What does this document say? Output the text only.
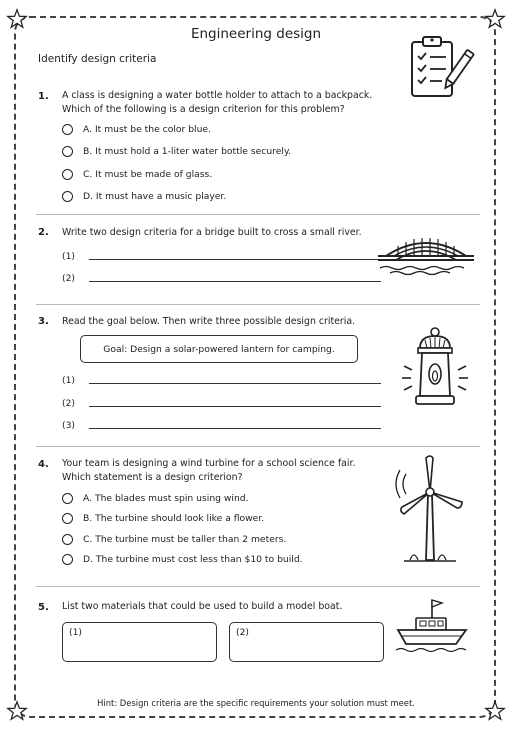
Engineering design
Identify design criteria
1. A class is designing a water bottle holder to attach to a backpack.
Which of the following is a design criterion for this problem?
A. It must be the color blue.
B. It must hold a 1-liter water bottle securely.
C. It must be made of glass.
D. It must have a music player.
2. Write two design criteria for a bridge built to cross a small river.
(1)
(2)
3. Read the goal below. Then write three possible design criteria.
Goal: Design a solar-powered lantern for camping.
(1)
(2)
(3)
4. Your team is designing a wind turbine for a school science fair.
Which statement is a design criterion?
A. The blades must spin using wind.
B. The turbine should look like a flower.
C. The turbine must be taller than 2 meters.
D. The turbine must cost less than $10 to build.
5. List two materials that could be used to build a model boat.
(1)	(2)
Hint: Design criteria are the specific requirements your solution must meet.
